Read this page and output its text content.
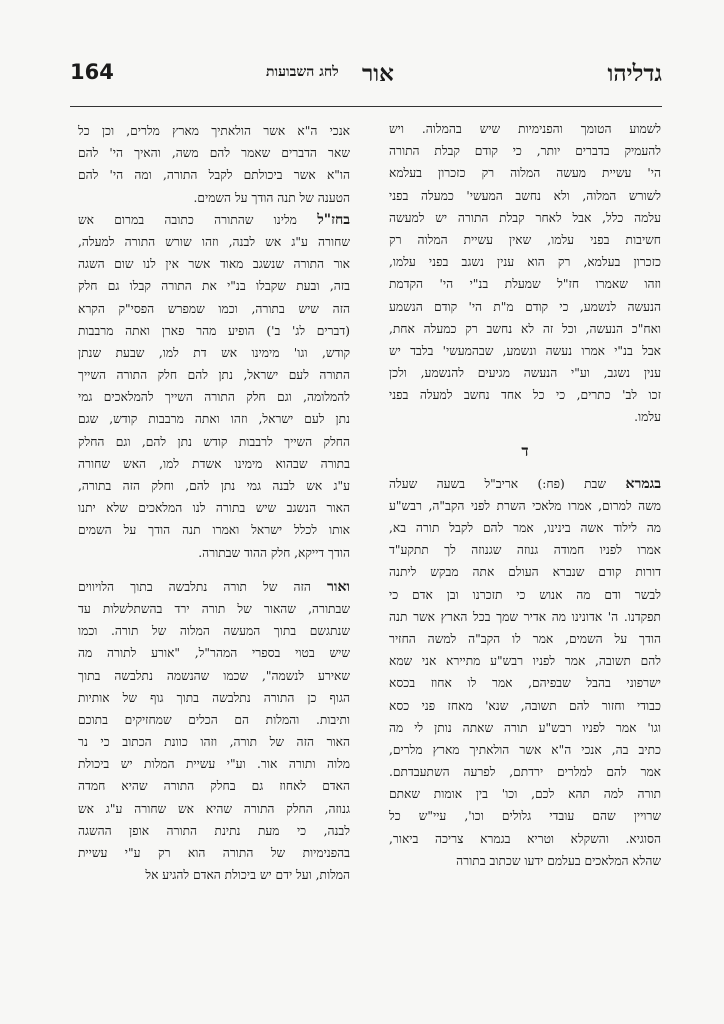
164	לחג השבועות אור	גדליהו
לשמוע הטומך והפנימיות שיש בהמלוה. ויש
להעמיק בדברים יותר, כי קודם קבלת התורה
הי' עשיית מעשה המלוה רק כזכרון בעלמא
לשורש המלוה, ולא נחשב המעשי' כמעלה בפני
עלמה כלל, אבל לאחר קבלת התורה יש למעשה
חשיבות בפני עלמו, שאין עשיית המלוה רק
כזכרון בעלמא, רק הוא ענין נשגב בפני עלמו,
וזהו שאמרו חז"ל שמעלת בנ"י הי' הקדמת
הנעשה לנשמע, כי קודם מ"ת הי' קודם הנשמע
ואח"כ הנעשה, וכל זה לא נחשב רק כמעלה אחת,
אבל בנ"י אמרו נעשה ונשמע, שבהמעשי' בלבד יש
ענין נשגב, וע"י הנעשה מגיעים להנשמע, ולכן
זכו לב' כתרים, כי כל אחד נחשב למעלה בפני
עלמו.
ד
בגמרא שבת (פח:) אריב"ל בשעה שעלה
משה למרום, אמרו מלאכי השרת לפני הקב"ה, רבש"ע
מה לילוד אשה בינינו, אמר להם לקבל תורה בא,
אמרו לפניו חמודה גנוזה שגנוזה לך תתקע"ד
דורות קודם שנברא העולם אתה מבקש ליתנה
לבשר ודם מה אנוש כי תזכרנו ובן אדם כי
תפקדנו. ה' אדונינו מה אדיר שמך בכל הארץ אשר תנה
הודך על השמים, אמר לו הקב"ה למשה החזיר
להם תשובה, אמר לפניו רבש"ע מתיירא אני שמא
ישרפוני בהבל שבפיהם, אמר לו אחוז בכסא
כבודי וחזור להם תשובה, שנא' מאחז פני כסא
וגו' אמר לפניו רבש"ע תורה שאתה נותן לי מה
כתיב בה, אנכי ה"א אשר הולאתיך מארץ מלרים,
אמר להם למלרים ירדתם, לפרעה השתעבדתם.
תורה למה תהא לכם, וכו' בין אומות שאתם
שרויין שהם עובדי גלולים וכו', עיי"ש כל
הסוגיא. והשקלא וטריא בגמרא צריכה ביאור,
שהלא המלאכים בעלמם ידעו שכתוב בתורה
אנכי ה"א אשר הולאתיך מארץ מלרים, וכן כל
שאר הדברים שאמר להם משה, והאיך הי' להם
הו"א אשר ביכולתם לקבל התורה, ומה הי' להם
הטענה של תנה הודך על השמים.
בחז"ל מלינו שהתורה כתובה במרום אש
שחורה ע"ג אש לבנה, וזהו שורש התורה למעלה,
אור התורה שנשגב מאוד אשר אין לנו שום השגה
בזה, ובעת שקבלו בנ"י את התורה קבלו גם חלק
הזה שיש בתורה, וכמו שמפרש הפסי"ק הקרא
(דברים לג' ב') הופיע מהר פארן ואתה מרבבות
קודש, וגו' מימינו אש דת למו, שבעת שנתן
התורה לעם ישראל, נתן להם חלק התורה השייך
להמלומה, וגם חלק התורה השייך להמלאכים גמי
נתן לעם ישראל, וזהו ואתה מרבבות קודש, שגם
החלק השייך לרבבות קודש נתן להם, וגם החלק
בתורה שבהוא מימינו אשדת למו, האש שחורה
ע"ג אש לבנה גמי נתן להם, וחלק הזה בתורה,
האור הנשגב שיש בתורה לנו המלאכים שלא יתנו
אותו לכלל ישראל ואמרו תנה הודך על השמים
הודך דייקא, חלק ההוד שבתורה.
ואור הזה של תורה נתלבשה בתוך הלויווים
שבתורה, שהאור של תורה ירד בהשתלשלות עד
שנתגשם בתוך המעשה המלוה של תורה. וכמו
שיש בטוי בספרי המהר"ל, "אורע לתורה מה
שאירע לנשמה", שכמו שהנשמה נתלבשה בתוך
הגוף כן התורה נתלבשה בתוך גוף של אותיות
ותיבות. והמלות הם הכלים שמחזיקים בתוכם
האור הזה של תורה, וזהו כוונת הכתוב כי נר
מלוה ותורה אור. וע"י עשיית המלות יש ביכולת
האדם לאחוז גם בחלק התורה שהיא חמדה
גנוזה, החלק התורה שהיא אש שחורה ע"ג אש
לבנה, כי מעת נתינת התורה אופן ההשגה
בהפנימיות של התורה הוא רק ע"י עשיית
המלות, ועל ידם יש ביכולת האדם להגיע אל
